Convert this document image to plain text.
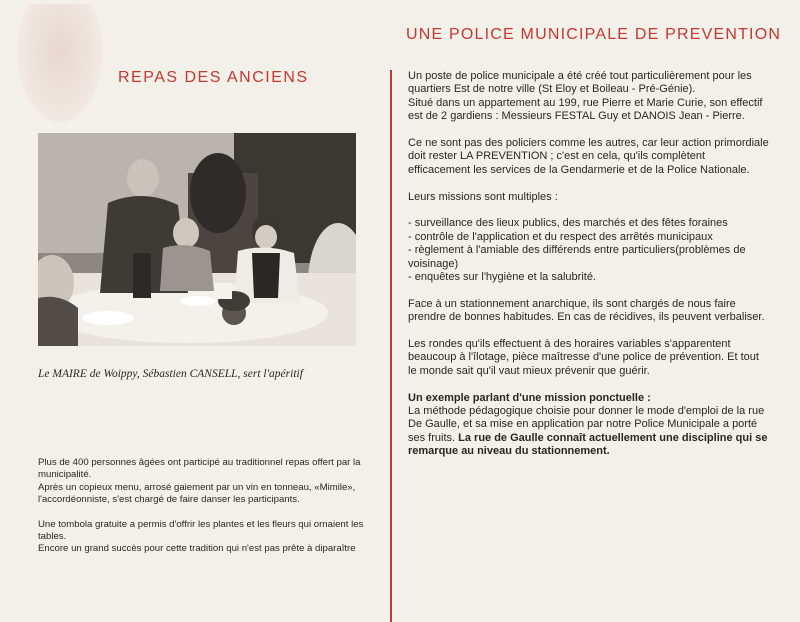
REPAS DES ANCIENS
Le MAIRE de Woippy, Sébastien CANSELL, sert l'apéritif

Plus de 400 personnes âgées ont participé au traditionnel repas offert par la municipalité.
Après un copieux menu, arrosé gaiement par un vin en tonneau, «Mimile», l'accordéonniste, s'est chargé de faire danser les participants.

Une tombola gratuite a permis d'offrir les plantes et les fleurs qui ornaient les tables.
Encore un grand succès pour cette tradition qui n'est pas prête à diparaître

UNE POLICE MUNICIPALE DE PREVENTION

Un poste de police municipale a été créé tout particulièrement pour les quartiers Est de notre ville (St Eloy et Boileau - Pré-Génie).
Situé dans un appartement au 199, rue Pierre et Marie Curie, son effectif est de 2 gardiens : Messieurs FESTAL Guy et DANOIS Jean - Pierre.

Ce ne sont pas des policiers comme les autres, car leur action primordiale doit rester LA PREVENTION ; c'est en cela, qu'ils complètent efficacement les services de la Gendarmerie et de la Police Nationale.

Leurs missions sont multiples :

- surveillance des lieux publics, des marchés et des fêtes foraines
- contrôle de l'application et du respect des arrêtés municipaux
- règlement à l'amiable des différends entre particuliers(problèmes de voisinage)
- enquêtes sur l'hygiène et la salubrité.

Face à un stationnement anarchique, ils sont chargés de nous faire prendre de bonnes habitudes. En cas de récidives, ils peuvent verbaliser.

Les rondes qu'ils effectuent à des horaires variables s'apparentent beaucoup à l'îlotage, pièce maîtresse d'une police de prévention. Et tout le monde sait qu'il vaut mieux prévenir que guérir.

Un exemple parlant d'une mission ponctuelle :
La méthode pédagogique choisie pour donner le mode d'emploi de la rue De Gaulle, et sa mise en application par notre Police Municipale a porté ses fruits. La rue de Gaulle connaît actuellement une discipline qui se remarque au niveau du stationnement.
